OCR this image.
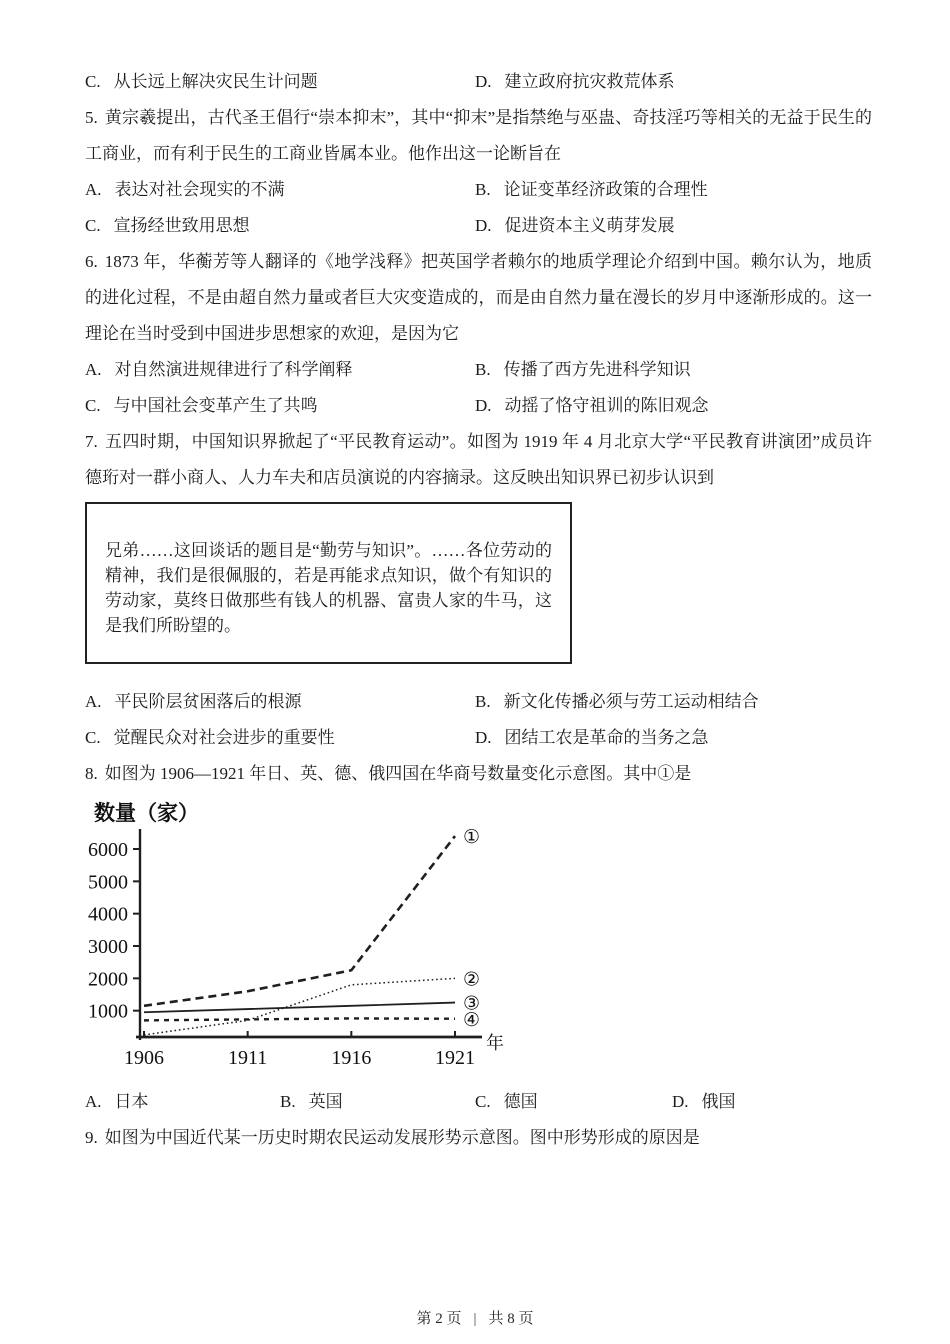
C. 从长远上解决灾民生计问题	D. 建立政府抗灾救荒体系

5. 黄宗羲提出，古代圣王倡行“崇本抑末”，其中“抑末”是指禁绝与巫蛊、奇技淫巧等相关的无益于民生的工商业，而有利于民生的工商业皆属本业。他作出这一论断旨在

A. 表达对社会现实的不满	B. 论证变革经济政策的合理性
C. 宣扬经世致用思想	D. 促进资本主义萌芽发展

6. 1873 年，华蘅芳等人翻译的《地学浅释》把英国学者赖尔的地质学理论介绍到中国。赖尔认为，地质的进化过程，不是由超自然力量或者巨大灾变造成的，而是由自然力量在漫长的岁月中逐渐形成的。这一理论在当时受到中国进步思想家的欢迎，是因为它

A. 对自然演进规律进行了科学阐释	B. 传播了西方先进科学知识
C. 与中国社会变革产生了共鸣	D. 动摇了恪守祖训的陈旧观念

7. 五四时期，中国知识界掀起了“平民教育运动”。如图为 1919 年 4 月北京大学“平民教育讲演团”成员许德珩对一群小商人、人力车夫和店员演说的内容摘录。这反映出知识界已初步认识到

兄弟……这回谈话的题目是“勤劳与知识”。……各位劳动的精神，我们是很佩服的，若是再能求点知识，做个有知识的劳动家，莫终日做那些有钱人的机器、富贵人家的牛马，这是我们所盼望的。

A. 平民阶层贫困落后的根源	B. 新文化传播必须与劳工运动相结合
C. 觉醒民众对社会进步的重要性	D. 团结工农是革命的当务之急

8. 如图为 1906—1921 年日、英、德、俄四国在华商号数量变化示意图。其中①是

数量（家）
1000
2000
3000
4000
5000
6000
1906	1911	1916	1921
年
①
②
③
④
A. 日本	B. 英国	C. 德国	D. 俄国

9. 如图为中国近代某一历史时期农民运动发展形势示意图。图中形势形成的原因是

第 2 页 | 共 8 页
